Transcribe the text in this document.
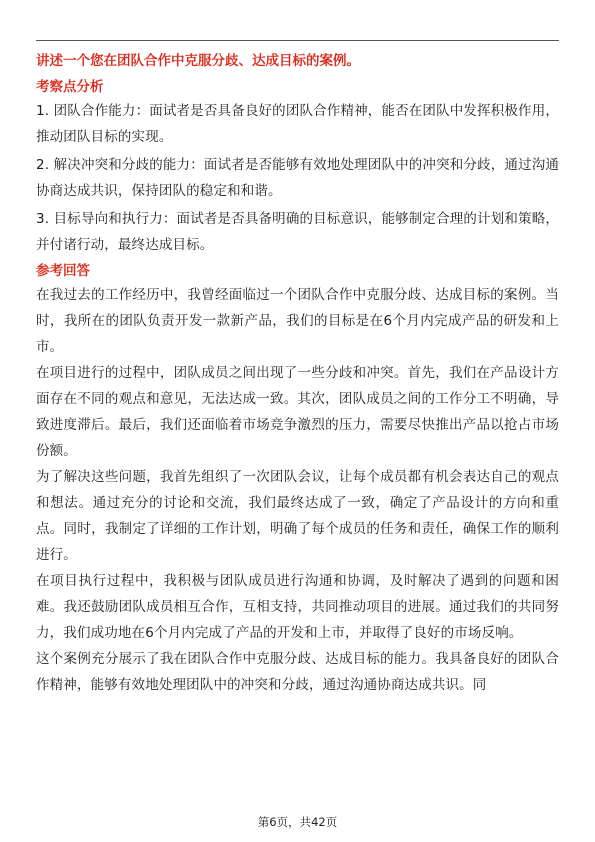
讲述一个您在团队合作中克服分歧、达成目标的案例。

考察点分析

1. 团队合作能力：面试者是否具备良好的团队合作精神，能否在团队中发挥积极作用，推动团队目标的实现。

2. 解决冲突和分歧的能力：面试者是否能够有效地处理团队中的冲突和分歧，通过沟通协商达成共识，保持团队的稳定和和谐。

3. 目标导向和执行力：面试者是否具备明确的目标意识，能够制定合理的计划和策略，并付诸行动，最终达成目标。

参考回答

在我过去的工作经历中，我曾经面临过一个团队合作中克服分歧、达成目标的案例。当时，我所在的团队负责开发一款新产品，我们的目标是在6个月内完成产品的研发和上市。

在项目进行的过程中，团队成员之间出现了一些分歧和冲突。首先，我们在产品设计方面存在不同的观点和意见，无法达成一致。其次，团队成员之间的工作分工不明确，导致进度滞后。最后，我们还面临着市场竞争激烈的压力，需要尽快推出产品以抢占市场份额。

为了解决这些问题，我首先组织了一次团队会议，让每个成员都有机会表达自己的观点和想法。通过充分的讨论和交流，我们最终达成了一致，确定了产品设计的方向和重点。同时，我制定了详细的工作计划，明确了每个成员的任务和责任，确保工作的顺利进行。

在项目执行过程中，我积极与团队成员进行沟通和协调，及时解决了遇到的问题和困难。我还鼓励团队成员相互合作，互相支持，共同推动项目的进展。通过我们的共同努力，我们成功地在6个月内完成了产品的开发和上市，并取得了良好的市场反响。

这个案例充分展示了我在团队合作中克服分歧、达成目标的能力。我具备良好的团队合作精神，能够有效地处理团队中的冲突和分歧，通过沟通协商达成共识。同

第6页，共42页
